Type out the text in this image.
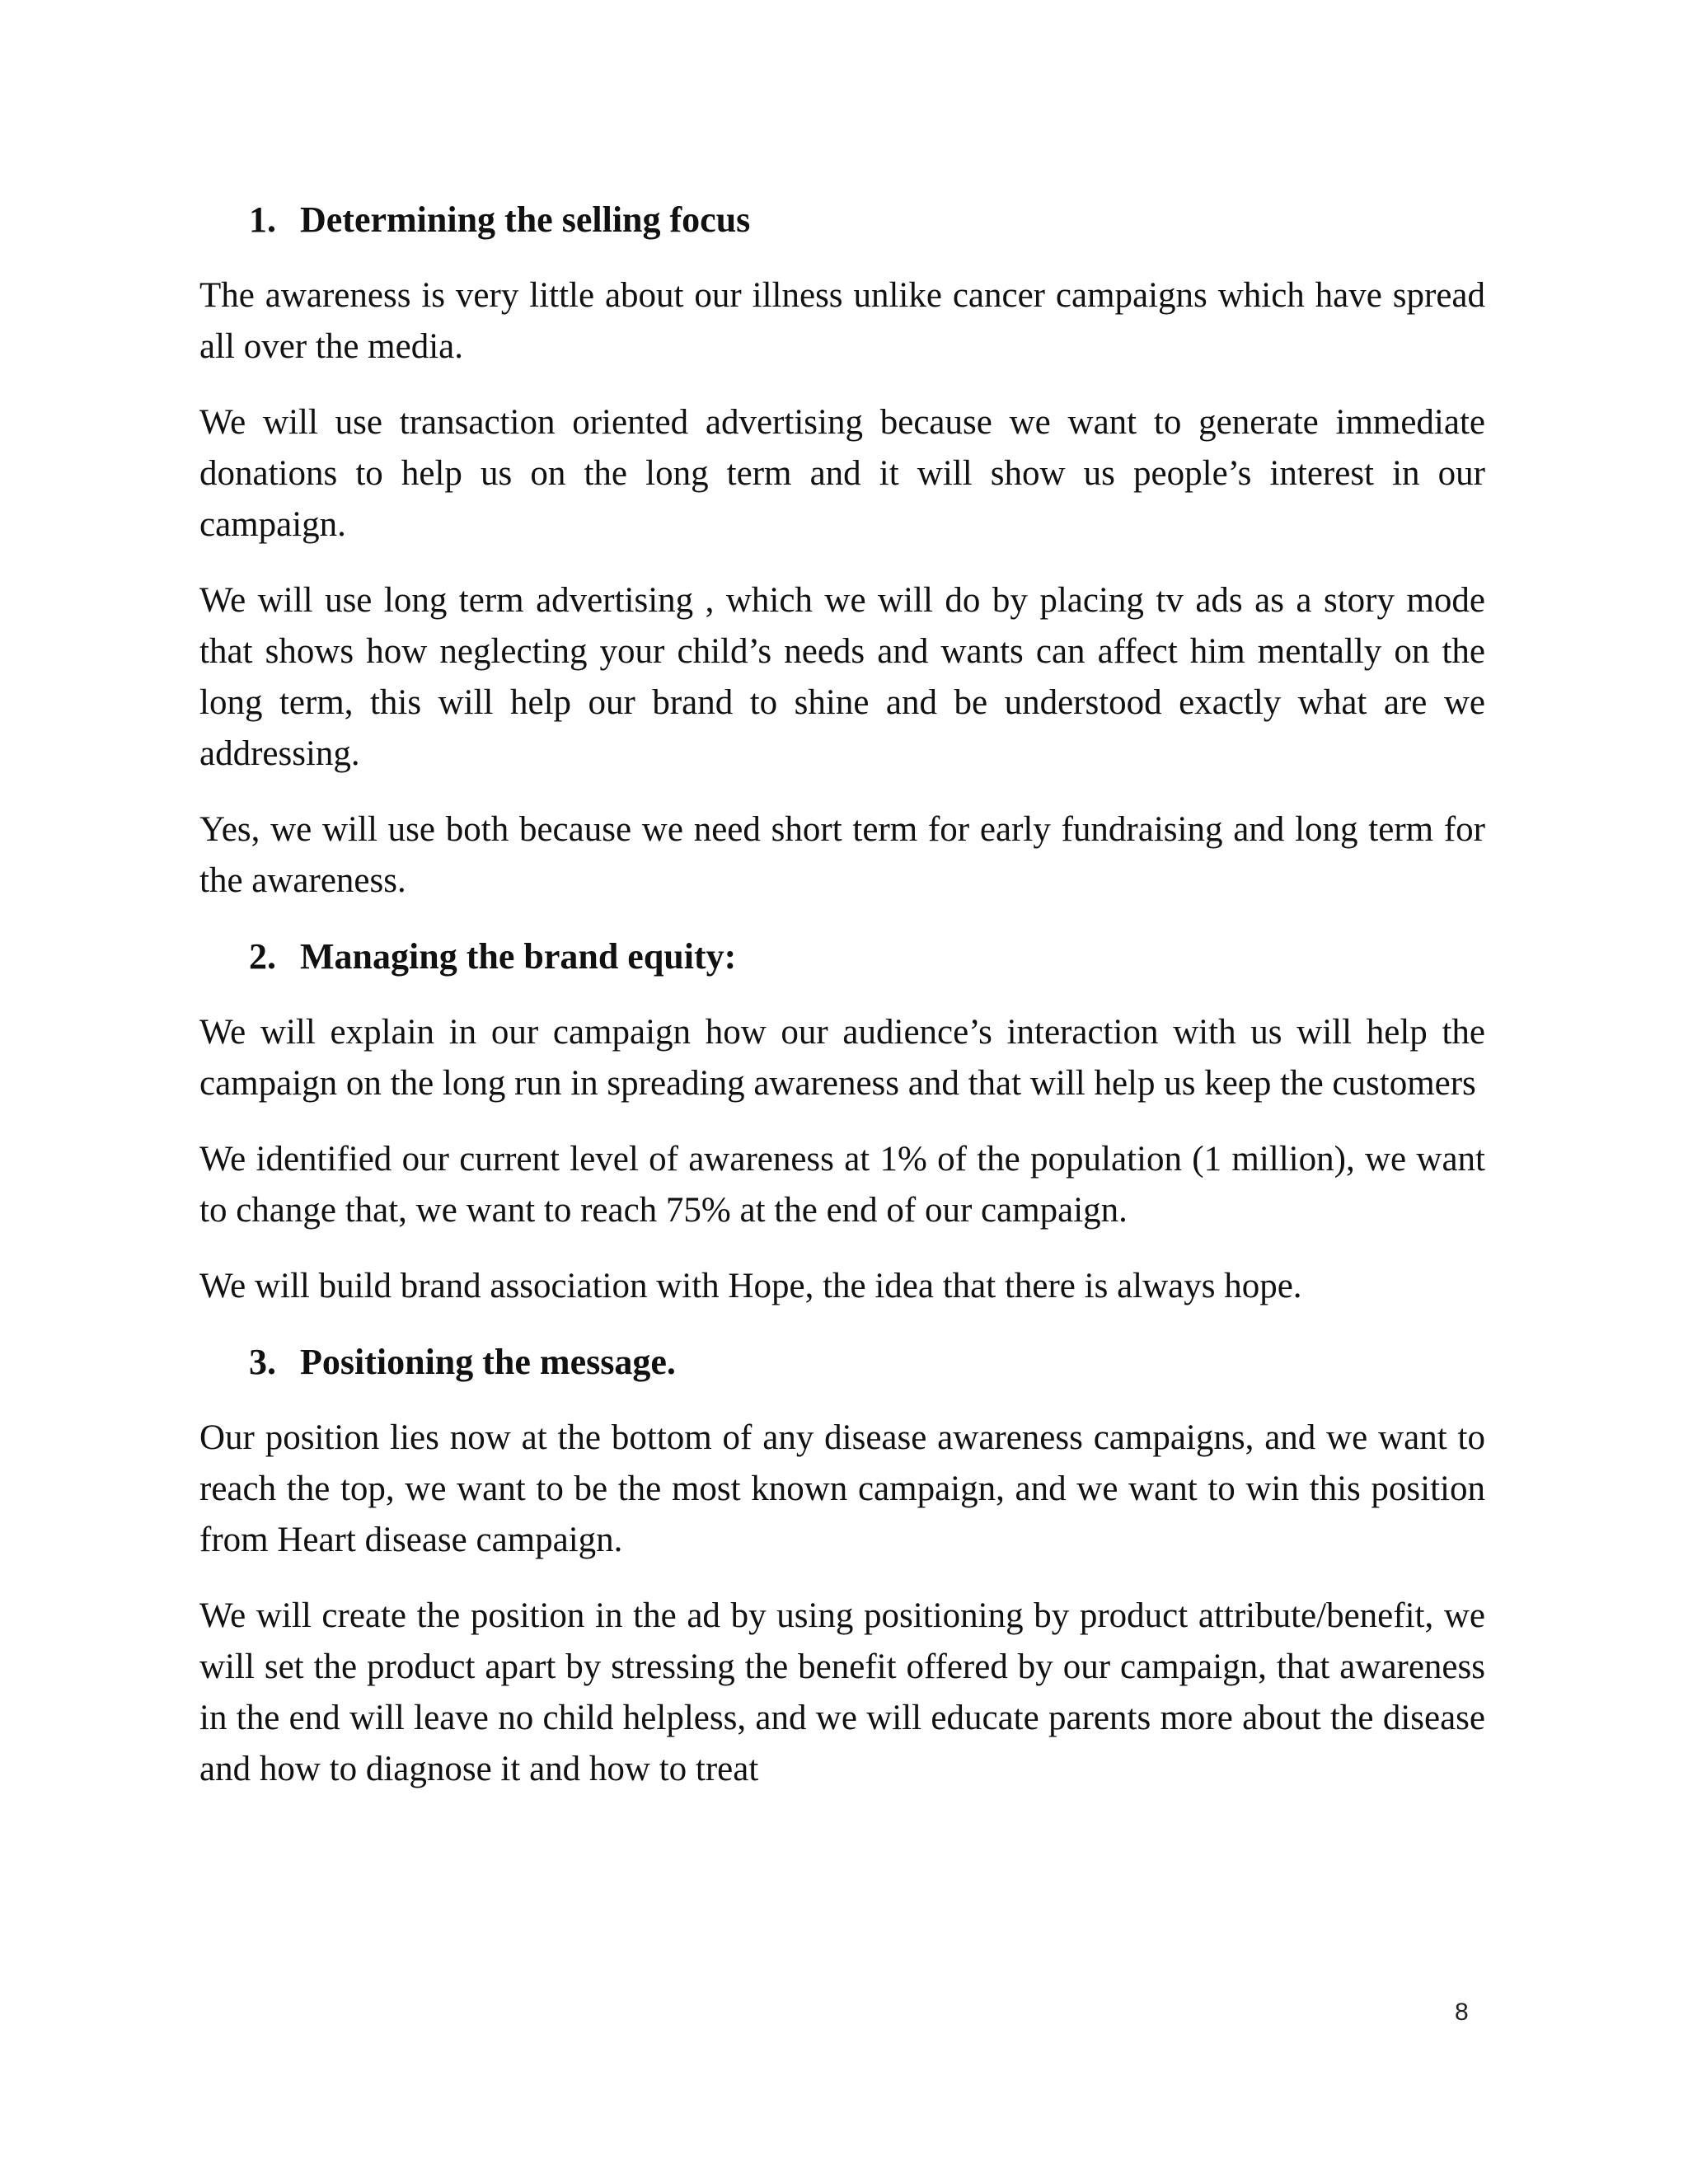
1. Determining the selling focus

The awareness is very little about our illness unlike cancer campaigns which have spread all over the media.

We will use transaction oriented advertising because we want to generate immediate donations to help us on the long term and it will show us people’s interest in our campaign.

We will use long term advertising , which we will do by placing tv ads as a story mode that shows how neglecting your child’s needs and wants can affect him mentally on the long term, this will help our brand to shine and be understood exactly what are we addressing.

Yes, we will use both because we need short term for early fundraising and long term for the awareness.

2. Managing the brand equity:

We will explain in our campaign how our audience’s interaction with us will help the campaign on the long run in spreading awareness and that will help us keep the customers

We identified our current level of awareness at 1% of the population (1 million), we want to change that, we want to reach 75% at the end of our campaign.

We will build brand association with Hope, the idea that there is always hope.

3. Positioning the message.

Our position lies now at the bottom of any disease awareness campaigns, and we want to reach the top, we want to be the most known campaign, and we want to win this position from Heart disease campaign.

We will create the position in the ad by using positioning by product attribute/benefit, we will set the product apart by stressing the benefit offered by our campaign, that awareness in the end will leave no child helpless, and we will educate parents more about the disease and how to diagnose it and how to treat

8
